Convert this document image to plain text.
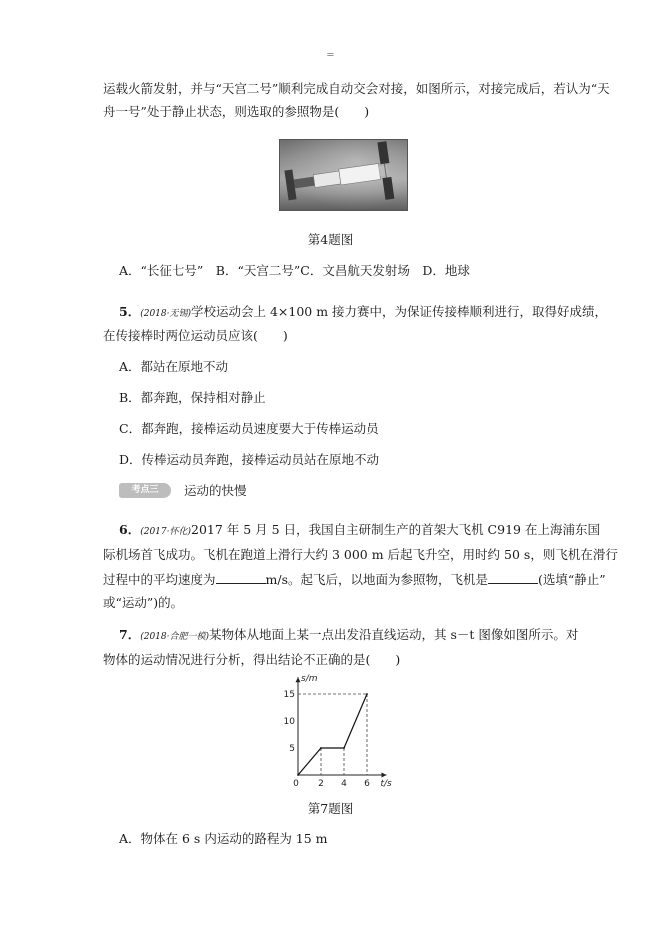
=
运载火箭发射，并与“天宫二号”顺利完成自动交会对接，如图所示，对接完成后，若认为“天
舟一号”处于静止状态，则选取的参照物是(　　)
第4题图
A．“长征七号”　B．“天宫二号”C．文昌航天发射场　D．地球
5．(2018·无锡)学校运动会上 4×100 m 接力赛中，为保证传接棒顺利进行，取得好成绩，
在传接棒时两位运动员应该(　　)
A．都站在原地不动
B．都奔跑，保持相对静止
C．都奔跑，接棒运动员速度要大于传棒运动员
D．传棒运动员奔跑，接棒运动员站在原地不动
考点三	运动的快慢
6．(2017·怀化)2017 年 5 月 5 日，我国自主研制生产的首架大飞机 C919 在上海浦东国
际机场首飞成功。飞机在跑道上滑行大约 3 000 m 后起飞升空，用时约 50 s，则飞机在滑行
过程中的平均速度为	m/s。起飞后，以地面为参照物，飞机是	(选填“静止”
或“运动”)的。
7．(2018·合肥一模)某物体从地面上某一点出发沿直线运动，其 s－t 图像如图所示。对
物体的运动情况进行分析，得出结论不正确的是(　　)
0 2 4 6
5
10
15
t/s
s/m
第7题图
A．物体在 6 s 内运动的路程为 15 m
